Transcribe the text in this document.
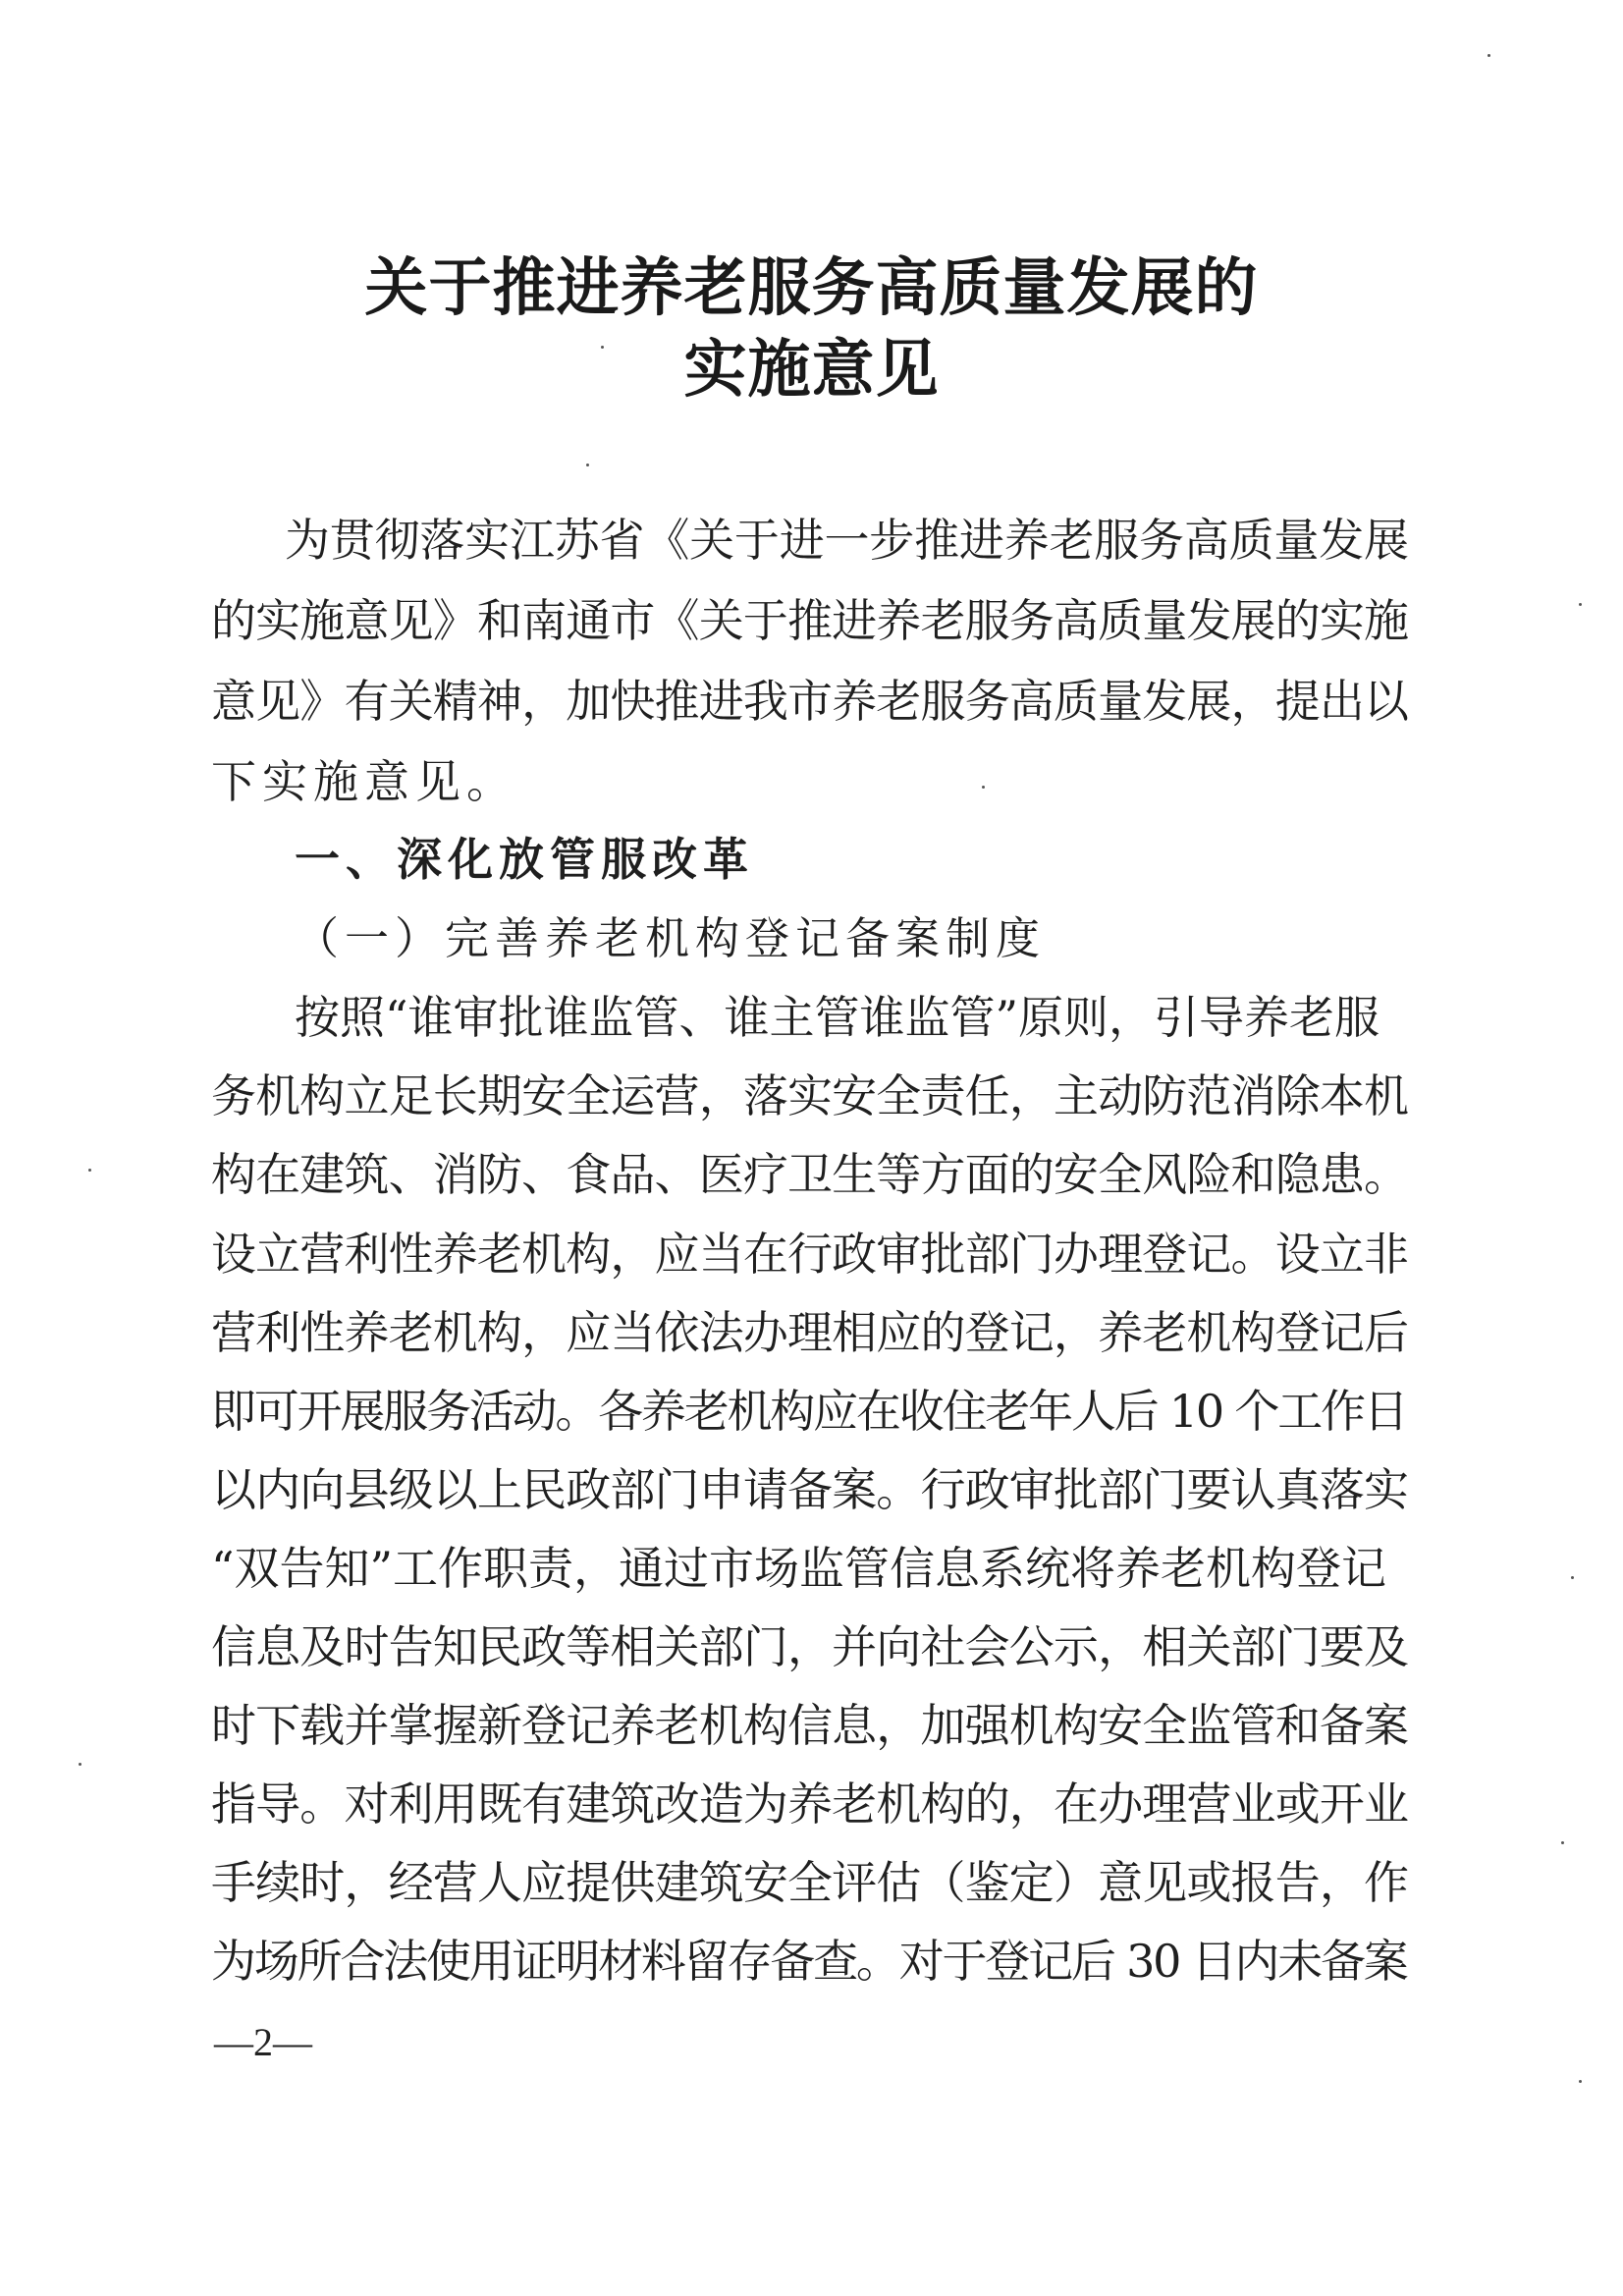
关于推进养老服务高质量发展的
实施意见
为贯彻落实江苏省《关于进一步推进养老服务高质量发展
的实施意见》和南通市《关于推进养老服务高质量发展的实施
意见》有关精神，加快推进我市养老服务高质量发展，提出以
下实施意见。
一、深化放管服改革
（一）完善养老机构登记备案制度
按照“谁审批谁监管、谁主管谁监管”原则，引导养老服
务机构立足长期安全运营，落实安全责任，主动防范消除本机
构在建筑、消防、食品、医疗卫生等方面的安全风险和隐患。
设立营利性养老机构，应当在行政审批部门办理登记。设立非
营利性养老机构，应当依法办理相应的登记，养老机构登记后
即可开展服务活动。各养老机构应在收住老年人后 10 个工作日
以内向县级以上民政部门申请备案。行政审批部门要认真落实
“双告知”工作职责，通过市场监管信息系统将养老机构登记
信息及时告知民政等相关部门，并向社会公示，相关部门要及
时下载并掌握新登记养老机构信息，加强机构安全监管和备案
指导。对利用既有建筑改造为养老机构的，在办理营业或开业
手续时，经营人应提供建筑安全评估（鉴定）意见或报告，作
为场所合法使用证明材料留存备查。对于登记后 30 日内未备案
—2—
